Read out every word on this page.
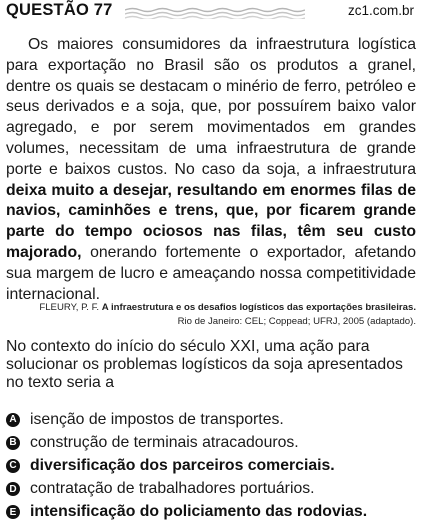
QUESTÃO 77	zc1.com.br
Os maiores consumidores da infraestrutura logística para exportação no Brasil são os produtos a granel, dentre os quais se destacam o minério de ferro, petróleo e seus derivados e a soja, que, por possuírem baixo valor agregado, e por serem movimentados em grandes volumes, necessitam de uma infraestrutura de grande porte e baixos custos. No caso da soja, a infraestrutura deixa muito a desejar, resultando em enormes filas de navios, caminhões e trens, que, por ficarem grande parte do tempo ociosos nas filas, têm seu custo majorado, onerando fortemente o exportador, afetando sua margem de lucro e ameaçando nossa competitividade internacional.
FLEURY, P. F. A infraestrutura e os desafios logísticos das exportações brasileiras.
Rio de Janeiro: CEL; Coppead; UFRJ, 2005 (adaptado).
No contexto do início do século XXI, uma ação para solucionar os problemas logísticos da soja apresentados no texto seria a
A isenção de impostos de transportes.
B construção de terminais atracadouros.
C diversificação dos parceiros comerciais.
D contratação de trabalhadores portuários.
E intensificação do policiamento das rodovias.
